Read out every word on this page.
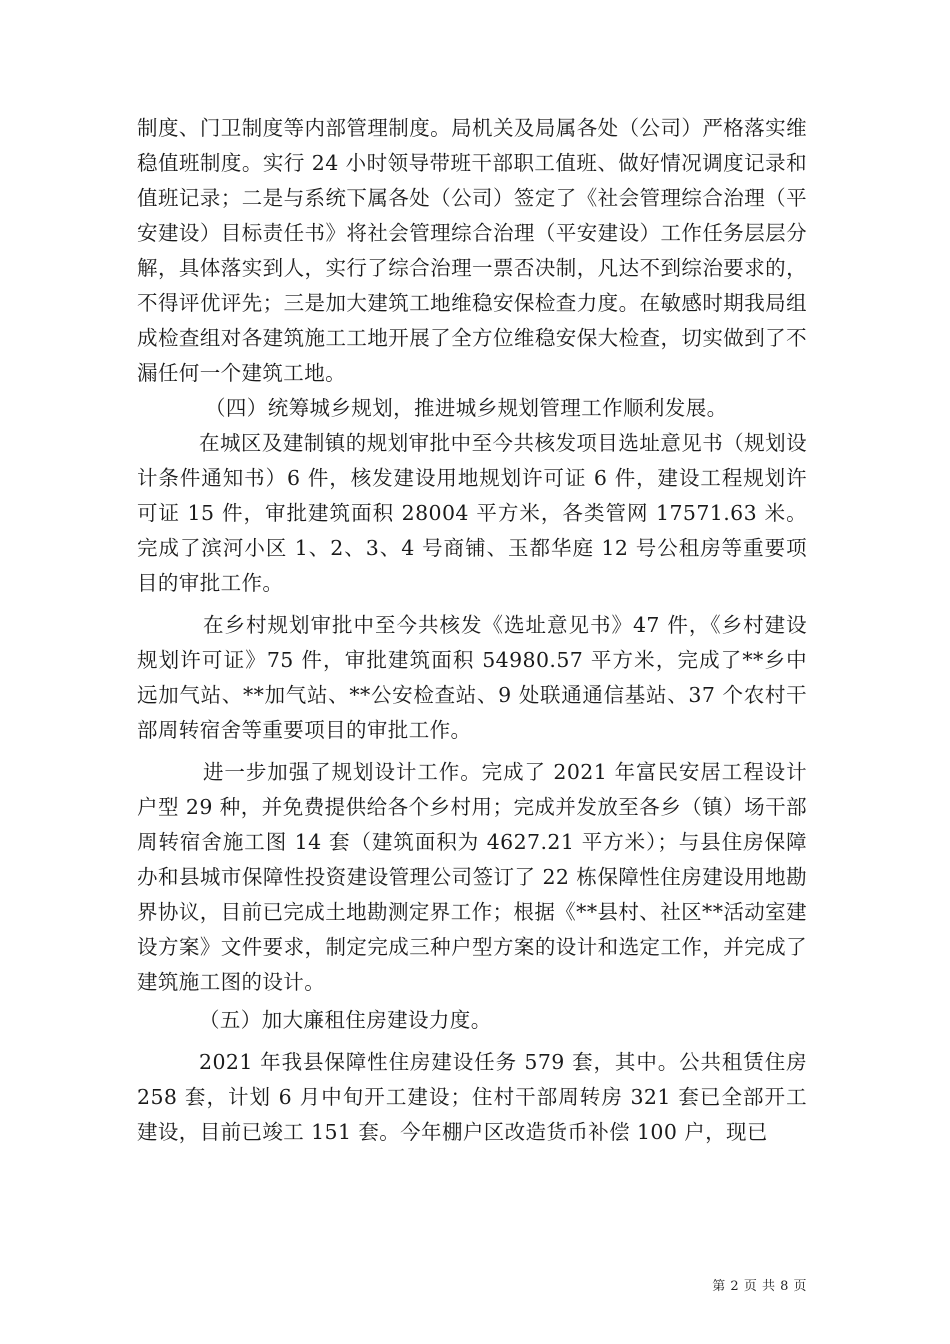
制度、门卫制度等内部管理制度。局机关及局属各处（公司）严格落实维稳值班制度。实行 24 小时领导带班干部职工值班、做好情况调度记录和值班记录；二是与系统下属各处（公司）签定了《社会管理综合治理（平安建设）目标责任书》将社会管理综合治理（平安建设）工作任务层层分解，具体落实到人，实行了综合治理一票否决制，凡达不到综治要求的，不得评优评先；三是加大建筑工地维稳安保检查力度。在敏感时期我局组成检查组对各建筑施工工地开展了全方位维稳安保大检查，切实做到了不漏任何一个建筑工地。

（四）统筹城乡规划，推进城乡规划管理工作顺利发展。

在城区及建制镇的规划审批中至今共核发项目选址意见书（规划设计条件通知书）6 件，核发建设用地规划许可证 6 件，建设工程规划许可证 15 件，审批建筑面积 28004 平方米，各类管网 17571.63 米。完成了滨河小区 1、2、3、4 号商铺、玉都华庭 12 号公租房等重要项目的审批工作。

在乡村规划审批中至今共核发《选址意见书》47 件，《乡村建设规划许可证》75 件，审批建筑面积 54980.57 平方米，完成了**乡中远加气站、**加气站、**公安检查站、9 处联通通信基站、37 个农村干部周转宿舍等重要项目的审批工作。

进一步加强了规划设计工作。完成了 2021 年富民安居工程设计户型 29 种，并免费提供给各个乡村用；完成并发放至各乡（镇）场干部周转宿舍施工图 14 套（建筑面积为 4627.21 平方米）；与县住房保障办和县城市保障性投资建设管理公司签订了 22 栋保障性住房建设用地勘界协议，目前已完成土地勘测定界工作；根据《**县村、社区**活动室建设方案》文件要求，制定完成三种户型方案的设计和选定工作，并完成了建筑施工图的设计。

（五）加大廉租住房建设力度。

2021 年我县保障性住房建设任务 579 套，其中。公共租赁住房 258 套，计划 6 月中旬开工建设；住村干部周转房 321 套已全部开工建设，目前已竣工 151 套。今年棚户区改造货币补偿 100 户，现已

第 2 页 共 8 页
